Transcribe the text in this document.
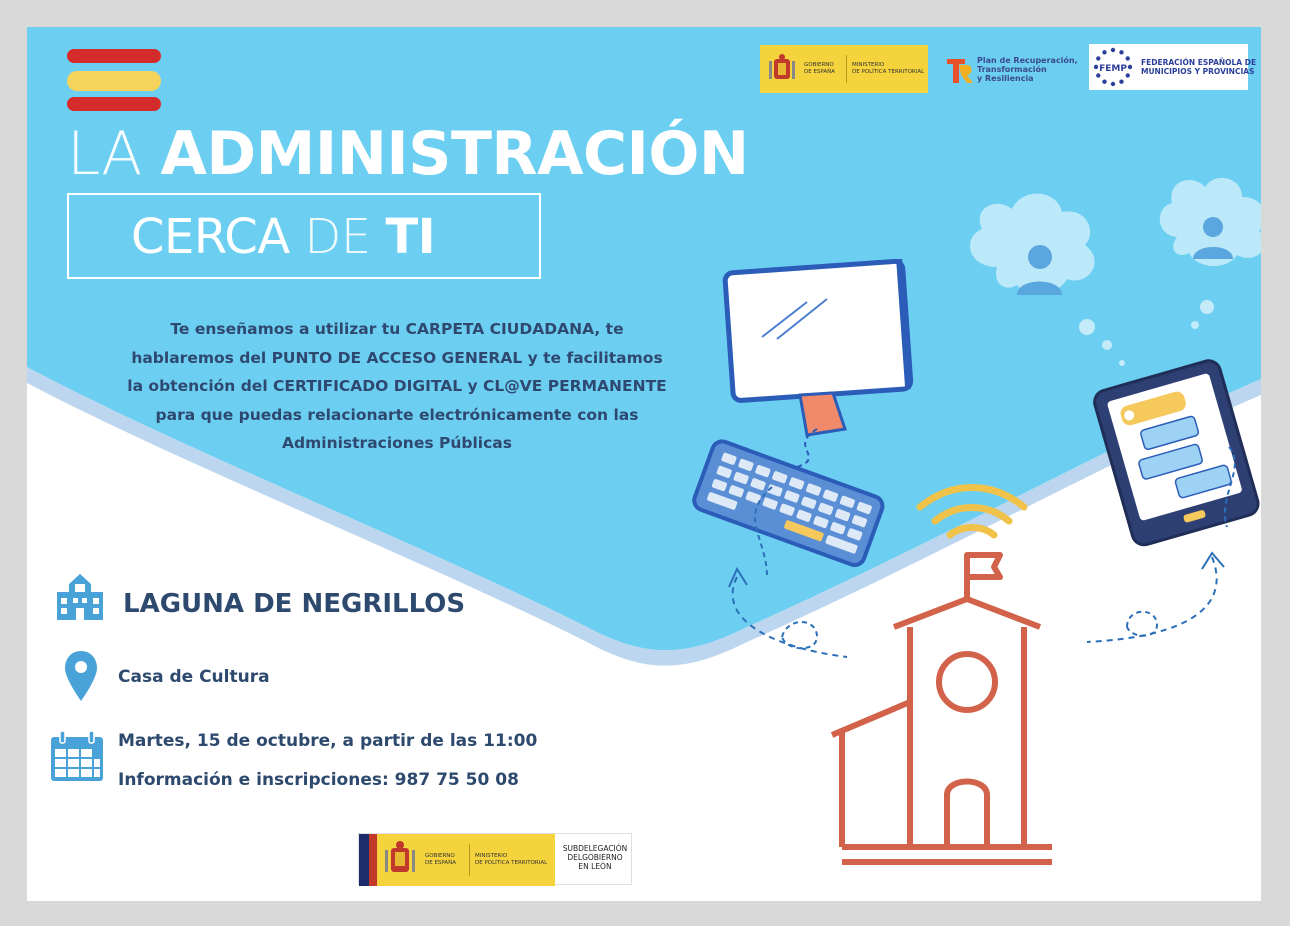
LA ADMINISTRACIÓN
CERCA DE TI
GOBIERNO
DE ESPAÑA
MINISTERIO
DE POLÍTICA TERRITORIAL
Plan de Recuperación,
Transformación
y Resiliencia
FEMP
FEDERACIÓN ESPAÑOLA DE
MUNICIPIOS Y PROVINCIAS
Te enseñamos a utilizar tu CARPETA CIUDADANA, te
hablaremos del PUNTO DE ACCESO GENERAL y te facilitamos
la obtención del CERTIFICADO DIGITAL y CL@VE PERMANENTE
para que puedas relacionarte electrónicamente con las
Administraciones Públicas
LAGUNA DE NEGRILLOS
Casa de Cultura
Martes, 15 de octubre, a partir de las 11:00
Información e inscripciones: 987 75 50 08
GOBIERNO
DE ESPAÑA
MINISTERIO
DE POLÍTICA TERRITORIAL
SUBDELEGACIÓN
DELGOBIERNO
EN LEÓN
